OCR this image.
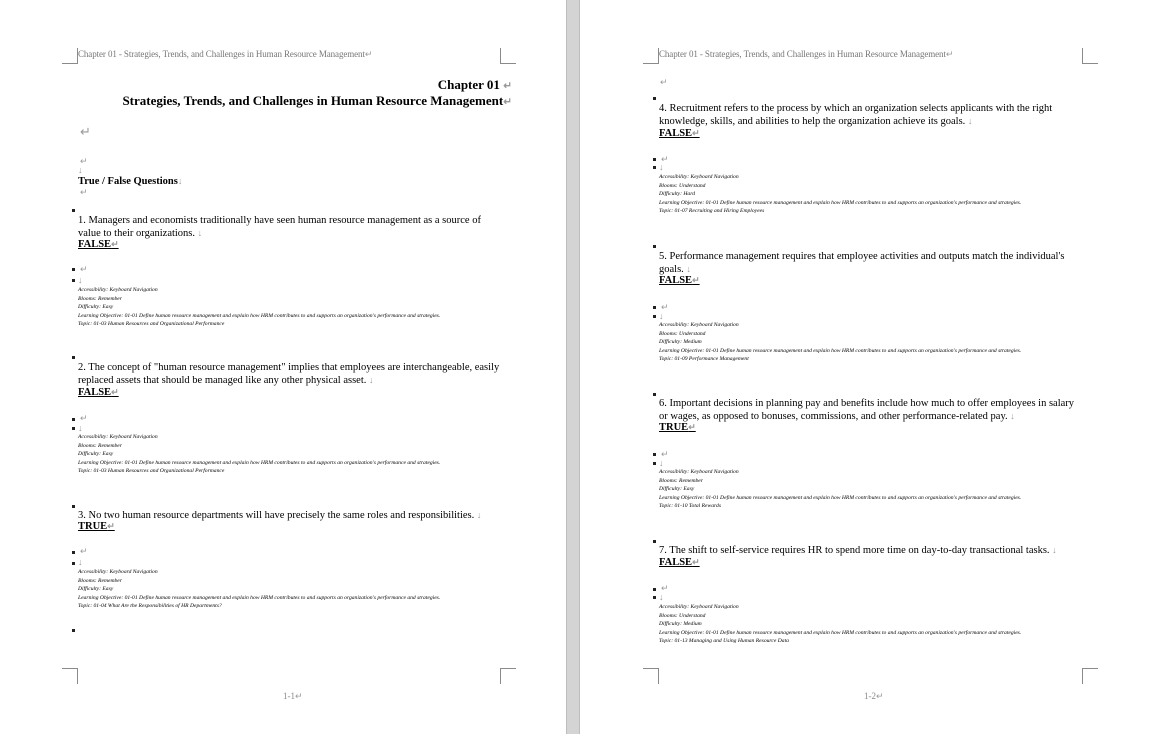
Chapter 01 - Strategies, Trends, and Challenges in Human Resource Management↵
Chapter 01 ↵
Strategies, Trends, and Challenges in Human Resource Management↵
↵
↵
↓
True / False Questions↓
↵
1. Managers and economists traditionally have seen human resource management as a source of value to their organizations. ↓
FALSE↵
↵
↓
Accessibility: Keyboard Navigation
Blooms: Remember
Difficulty: Easy
Learning Objective: 01-01 Define human resource management and explain how HRM contributes to and supports an organization's performance and strategies.
Topic: 01-03 Human Resources and Organizational Performance
2. The concept of "human resource management" implies that employees are interchangeable, easily replaced assets that should be managed like any other physical asset. ↓
FALSE↵
↵
↓
Accessibility: Keyboard Navigation
Blooms: Remember
Difficulty: Easy
Learning Objective: 01-01 Define human resource management and explain how HRM contributes to and supports an organization's performance and strategies.
Topic: 01-03 Human Resources and Organizational Performance
3. No two human resource departments will have precisely the same roles and responsibilities. ↓
TRUE↵
↵
↓
Accessibility: Keyboard Navigation
Blooms: Remember
Difficulty: Easy
Learning Objective: 01-01 Define human resource management and explain how HRM contributes to and supports an organization's performance and strategies.
Topic: 01-04 What Are the Responsibilities of HR Departments?
1-1↵
Chapter 01 - Strategies, Trends, and Challenges in Human Resource Management↵
↵
4. Recruitment refers to the process by which an organization selects applicants with the right knowledge, skills, and abilities to help the organization achieve its goals. ↓
FALSE↵
↵
↓
Accessibility: Keyboard Navigation
Blooms: Understand
Difficulty: Hard
Learning Objective: 01-01 Define human resource management and explain how HRM contributes to and supports an organization's performance and strategies.
Topic: 01-07 Recruiting and Hiring Employees
5. Performance management requires that employee activities and outputs match the individual's goals. ↓
FALSE↵
↵
↓
Accessibility: Keyboard Navigation
Blooms: Understand
Difficulty: Medium
Learning Objective: 01-01 Define human resource management and explain how HRM contributes to and supports an organization's performance and strategies.
Topic: 01-09 Performance Management
6. Important decisions in planning pay and benefits include how much to offer employees in salary or wages, as opposed to bonuses, commissions, and other performance-related pay. ↓
TRUE↵
↵
↓
Accessibility: Keyboard Navigation
Blooms: Remember
Difficulty: Easy
Learning Objective: 01-01 Define human resource management and explain how HRM contributes to and supports an organization's performance and strategies.
Topic: 01-10 Total Rewards
7. The shift to self-service requires HR to spend more time on day-to-day transactional tasks. ↓
FALSE↵
↵
↓
Accessibility: Keyboard Navigation
Blooms: Understand
Difficulty: Medium
Learning Objective: 01-01 Define human resource management and explain how HRM contributes to and supports an organization's performance and strategies.
Topic: 01-13 Managing and Using Human Resource Data
1-2↵
